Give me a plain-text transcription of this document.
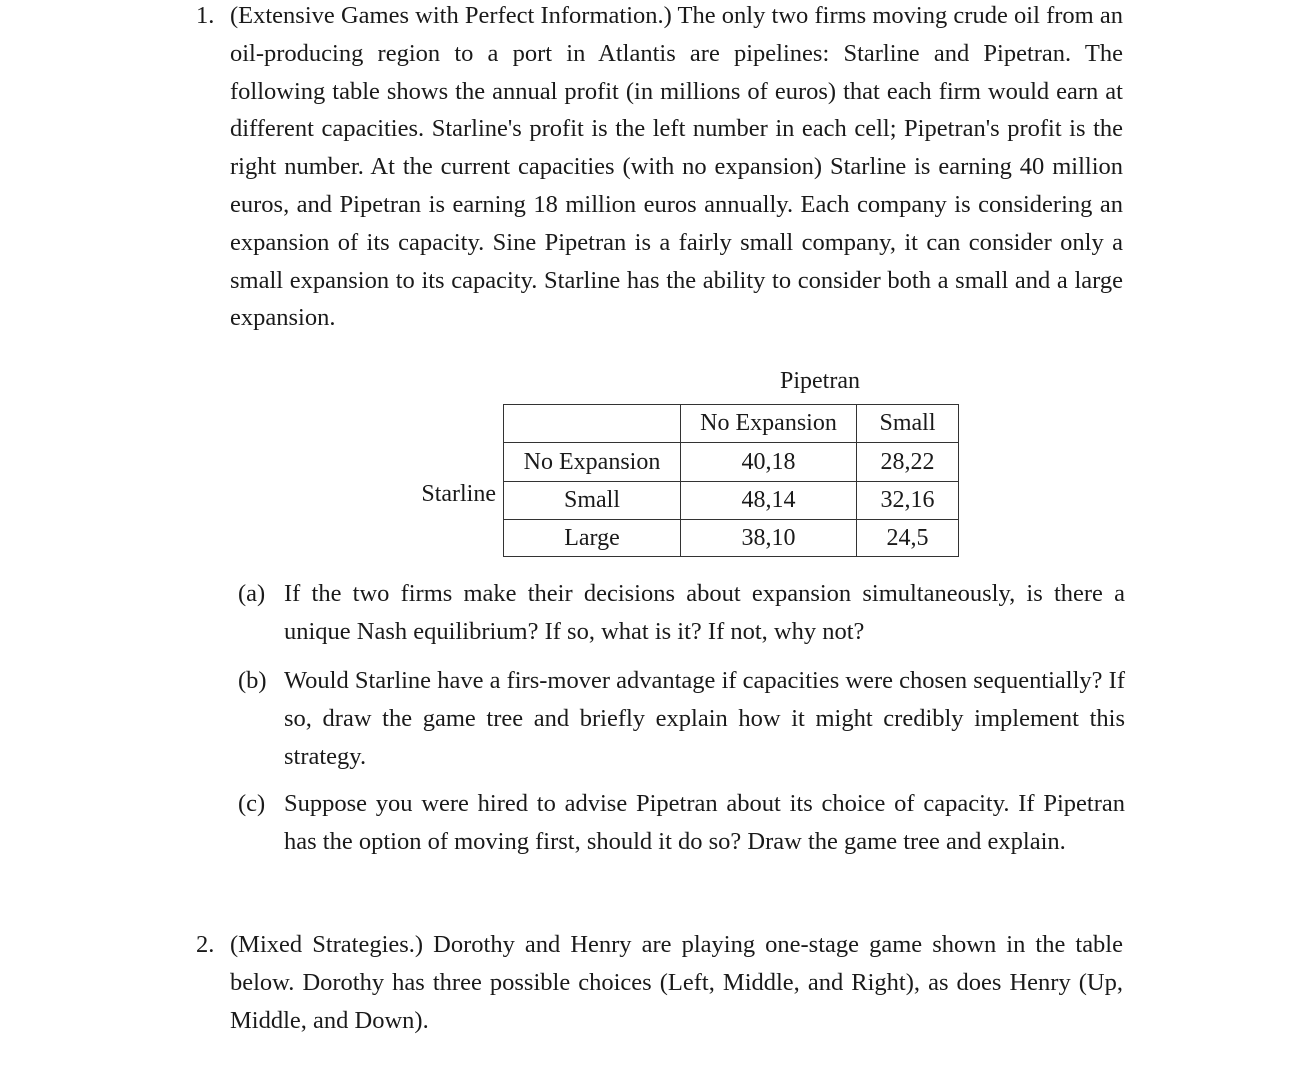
1. (Extensive Games with Perfect Information.) The only two firms moving crude oil from an oil-producing region to a port in Atlantis are pipelines: Starline and Pipetran. The following table shows the annual profit (in millions of euros) that each firm would earn at different capacities. Starline's profit is the left number in each cell; Pipetran's profit is the right number. At the current capacities (with no expansion) Starline is earning 40 million euros, and Pipetran is earning 18 million euros annually. Each company is considering an expansion of its capacity. Sine Pipetran is a fairly small company, it can consider only a small expansion to its capacity. Starline has the ability to consider both a small and a large expansion.
Pipetran
Starline
	No Expansion	Small
No Expansion	40,18	28,22
Small	48,14	32,16
Large	38,10	24,5
(a) If the two firms make their decisions about expansion simultaneously, is there a unique Nash equilibrium? If so, what is it? If not, why not?
(b) Would Starline have a firs-mover advantage if capacities were chosen sequentially? If so, draw the game tree and briefly explain how it might credibly implement this strategy.
(c) Suppose you were hired to advise Pipetran about its choice of capacity. If Pipetran has the option of moving first, should it do so? Draw the game tree and explain.
2. (Mixed Strategies.) Dorothy and Henry are playing one-stage game shown in the table below. Dorothy has three possible choices (Left, Middle, and Right), as does Henry (Up, Middle, and Down).
